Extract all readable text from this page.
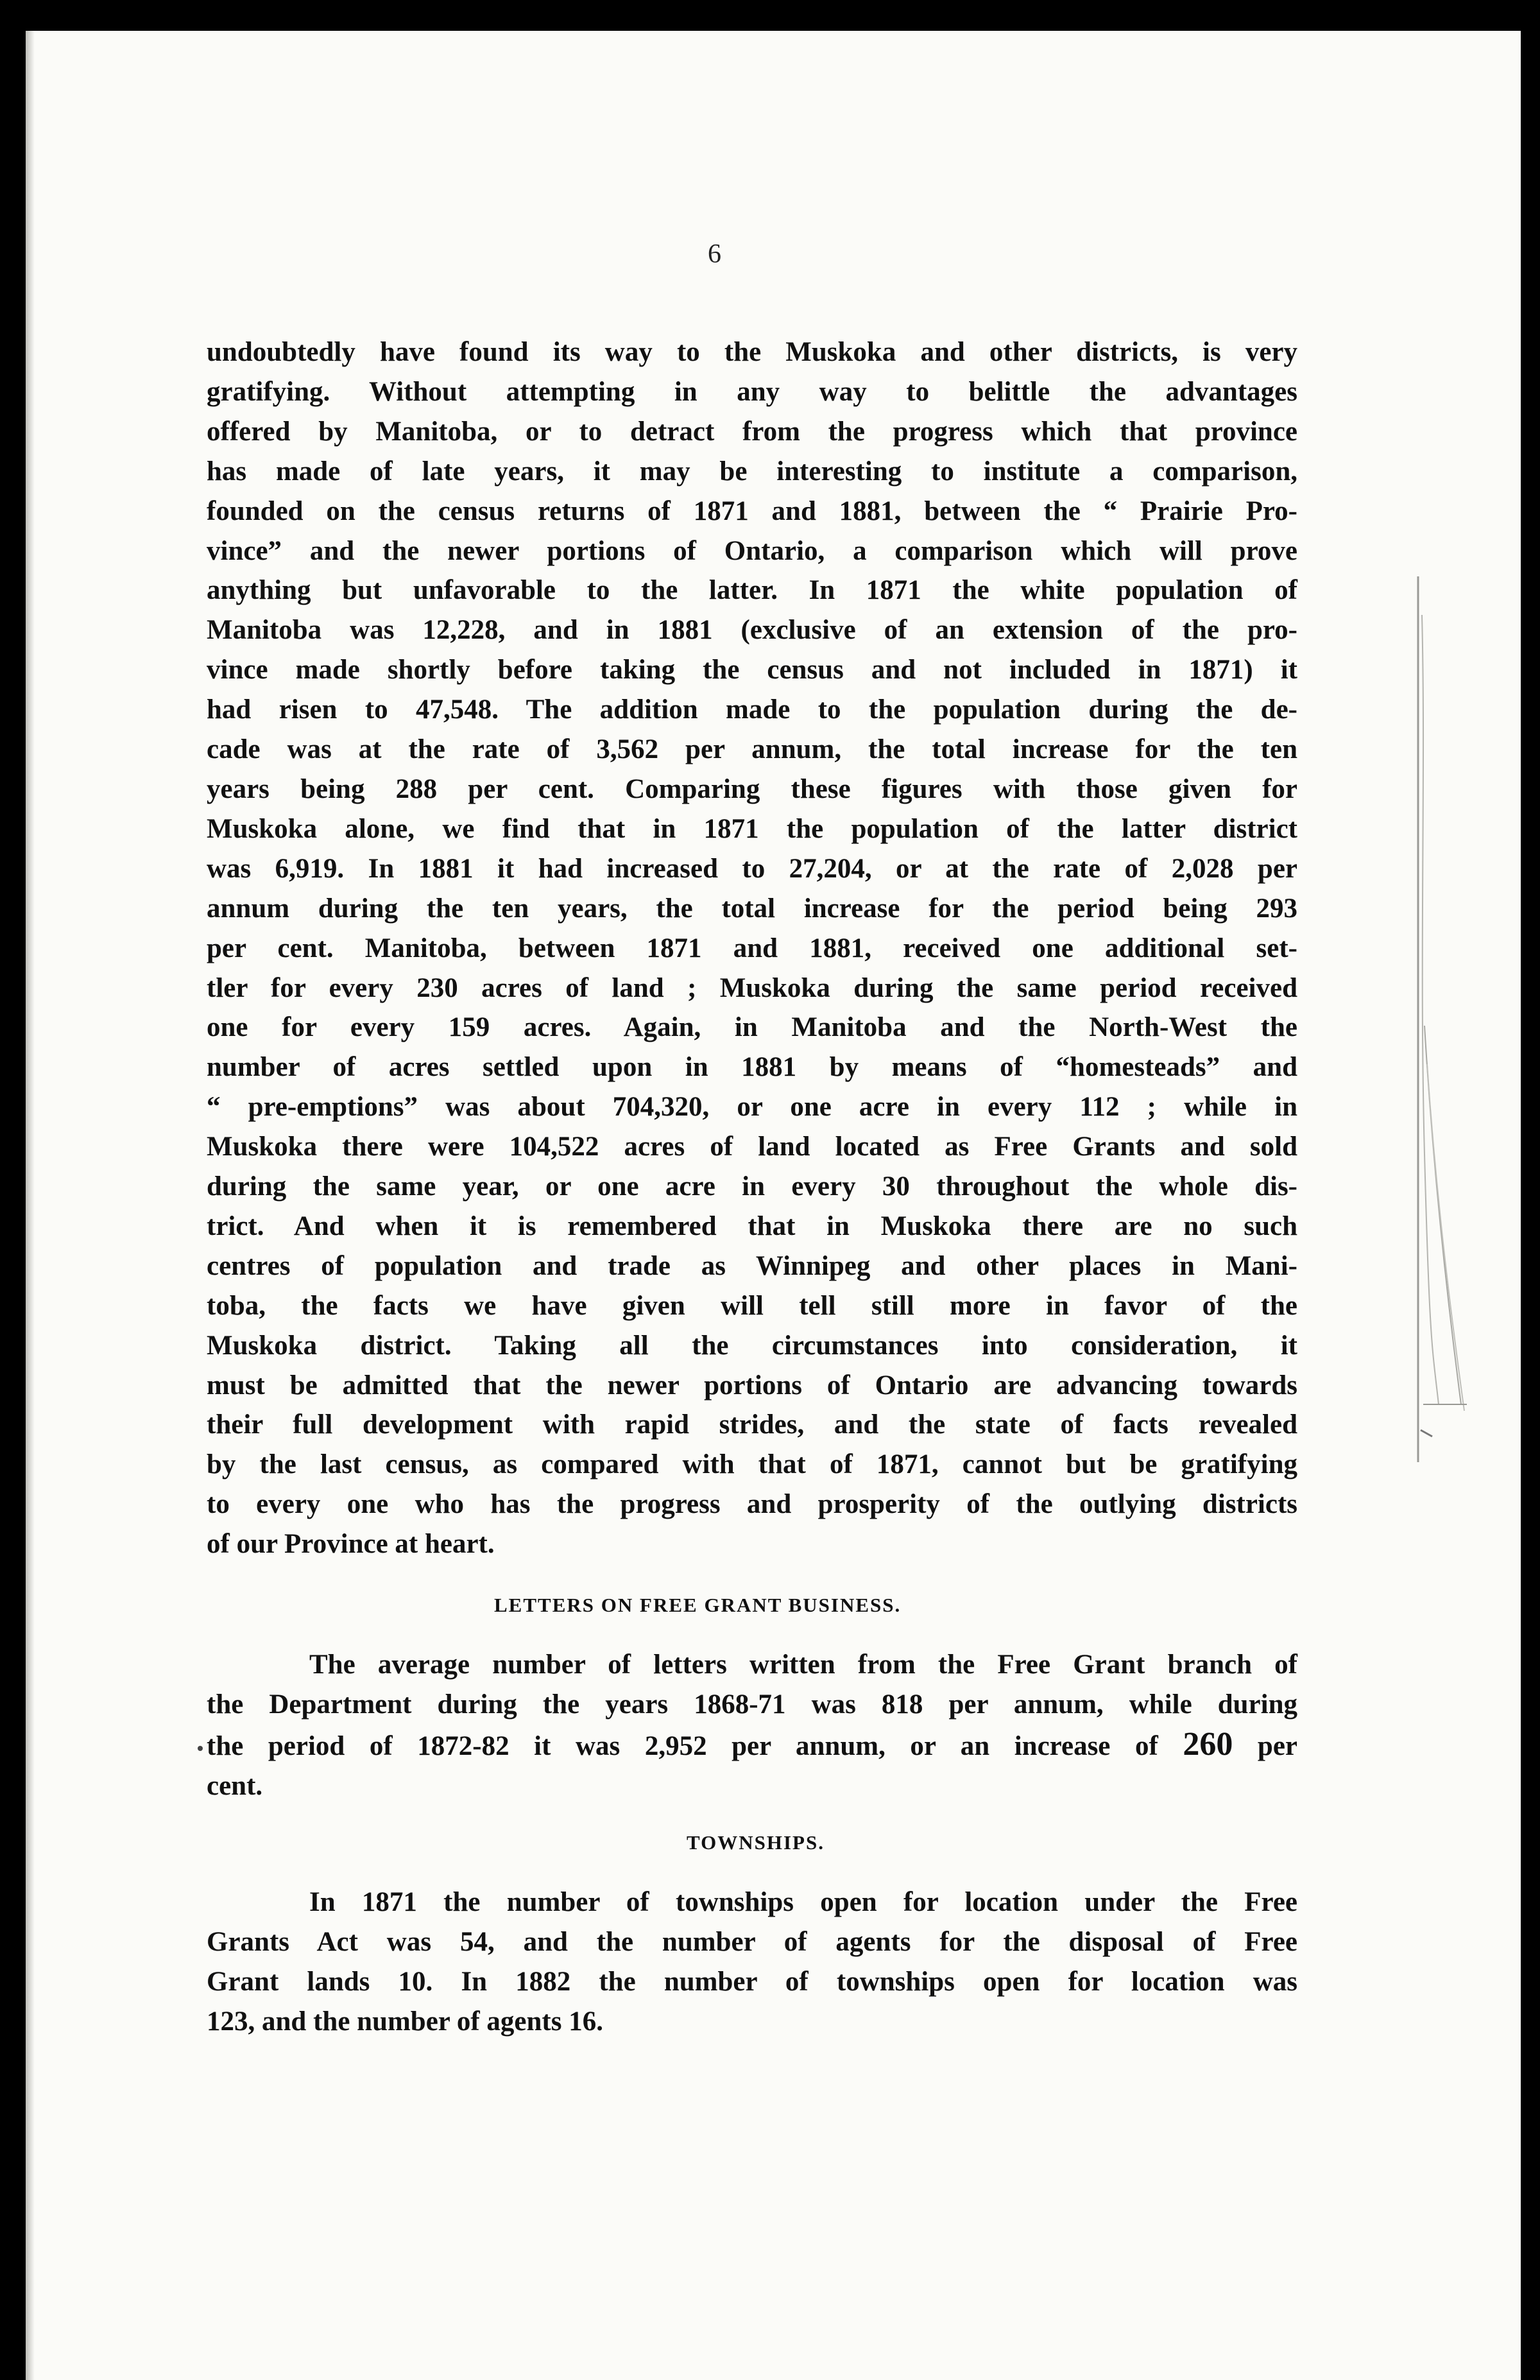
6
undoubtedly have found its way to the Muskoka and other districts, is very
gratifying. Without attempting in any way to belittle the advantages
offered by Manitoba, or to detract from the progress which that province
has made of late years, it may be interesting to institute a comparison,
founded on the census returns of 1871 and 1881, between the “ Prairie Pro-
vince” and the newer portions of Ontario, a comparison which will prove
anything but unfavorable to the latter. In 1871 the white population of
Manitoba was 12,228, and in 1881 (exclusive of an extension of the pro-
vince made shortly before taking the census and not included in 1871) it
had risen to 47,548. The addition made to the population during the de-
cade was at the rate of 3,562 per annum, the total increase for the ten
years being 288 per cent. Comparing these figures with those given for
Muskoka alone, we find that in 1871 the population of the latter district
was 6,919. In 1881 it had increased to 27,204, or at the rate of 2,028 per
annum during the ten years, the total increase for the period being 293
per cent. Manitoba, between 1871 and 1881, received one additional set-
tler for every 230 acres of land ; Muskoka during the same period received
one for every 159 acres. Again, in Manitoba and the North-West the
number of acres settled upon in 1881 by means of “homesteads” and
“ pre-emptions” was about 704,320, or one acre in every 112 ; while in
Muskoka there were 104,522 acres of land located as Free Grants and sold
during the same year, or one acre in every 30 throughout the whole dis-
trict. And when it is remembered that in Muskoka there are no such
centres of population and trade as Winnipeg and other places in Mani-
toba, the facts we have given will tell still more in favor of the
Muskoka district. Taking all the circumstances into consideration, it
must be admitted that the newer portions of Ontario are advancing towards
their full development with rapid strides, and the state of facts revealed
by the last census, as compared with that of 1871, cannot but be gratifying
to every one who has the progress and prosperity of the outlying districts
of our Province at heart.
LETTERS ON FREE GRANT BUSINESS.
The average number of letters written from the Free Grant branch of
the Department during the years 1868-71 was 818 per annum, while during
the period of 1872-82 it was 2,952 per annum, or an increase of 260 per
cent.
TOWNSHIPS.
In 1871 the number of townships open for location under the Free
Grants Act was 54, and the number of agents for the disposal of Free
Grant lands 10. In 1882 the number of townships open for location was
123, and the number of agents 16.
